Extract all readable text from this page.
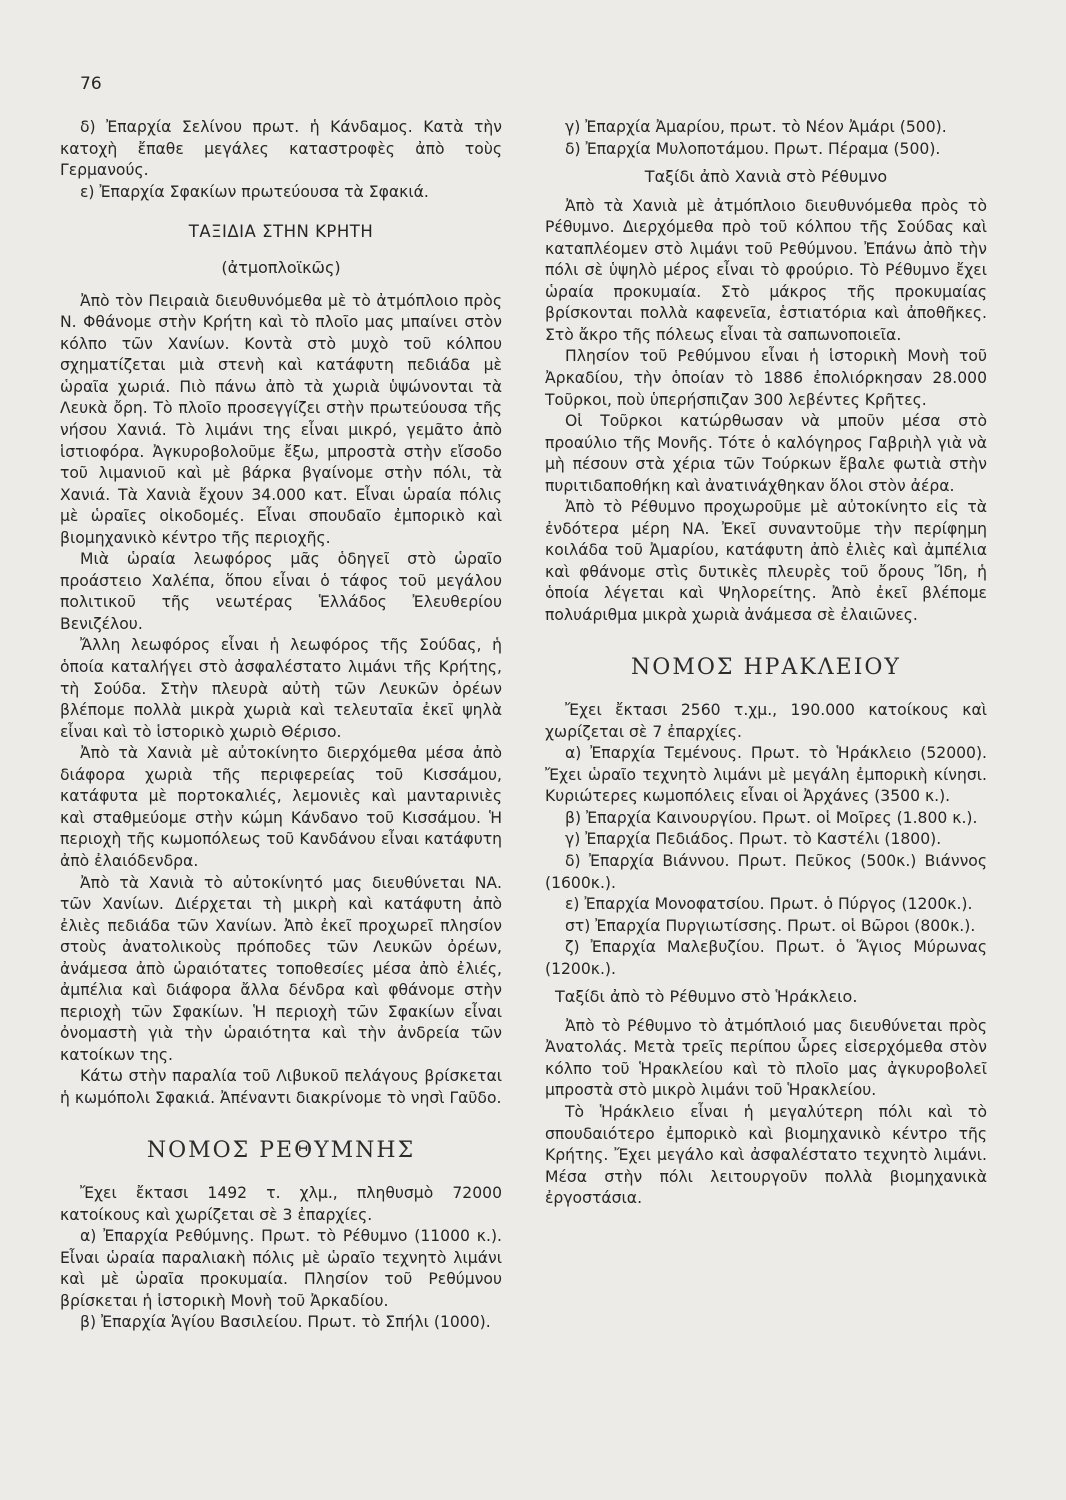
76

δ) Ἐπαρχία Σελίνου πρωτ. ἡ Κάνδαμος. Κατὰ τὴν κατοχὴ ἔπαθε μεγάλες καταστροφὲς ἀπὸ τοὺς Γερμανούς.

ε) Ἐπαρχία Σφακίων πρωτεύουσα τὰ Σφακιά.

ΤΑΞΙΔΙΑ ΣΤΗΝ ΚΡΗΤΗ
(ἀτμοπλοϊκῶς)

Ἀπὸ τὸν Πειραιὰ διευθυνόμεθα μὲ τὸ ἀτμόπλοιο πρὸς Ν. Φθάνομε στὴν Κρήτη καὶ τὸ πλοῖο μας μπαίνει στὸν κόλπο τῶν Χανίων. Κοντὰ στὸ μυχὸ τοῦ κόλπου σχηματίζεται μιὰ στενὴ καὶ κατάφυτη πεδιάδα μὲ ὡραῖα χωριά. Πιὸ πάνω ἀπὸ τὰ χωριὰ ὑψώνονται τὰ Λευκὰ ὄρη. Τὸ πλοῖο προσεγγίζει στὴν πρωτεύουσα τῆς νήσου Χανιά. Τὸ λιμάνι της εἶναι μικρό, γεμᾶτο ἀπὸ ἱστιοφόρα. Ἀγκυροβολοῦμε ἔξω, μπροστὰ στὴν εἴσοδο τοῦ λιμανιοῦ καὶ μὲ βάρκα βγαίνομε στὴν πόλι, τὰ Χανιά. Τὰ Χανιὰ ἔχουν 34.000 κατ. Εἶναι ὡραία πόλις μὲ ὡραῖες οἰκοδομές. Εἶναι σπουδαῖο ἐμπορικὸ καὶ βιομηχανικὸ κέντρο τῆς περιοχῆς.

Μιὰ ὡραία λεωφόρος μᾶς ὁδηγεῖ στὸ ὡραῖο προάστειο Χαλέπα, ὅπου εἶναι ὁ τάφος τοῦ μεγάλου πολιτικοῦ τῆς νεωτέρας Ἑλλάδος Ἐλευθερίου Βενιζέλου.

Ἄλλη λεωφόρος εἶναι ἡ λεωφόρος τῆς Σούδας, ἡ ὁποία καταλήγει στὸ ἀσφαλέστατο λιμάνι τῆς Κρήτης, τὴ Σούδα. Στὴν πλευρὰ αὐτὴ τῶν Λευκῶν ὀρέων βλέπομε πολλὰ μικρὰ χωριὰ καὶ τελευταῖα ἐκεῖ ψηλὰ εἶναι καὶ τὸ ἱστορικὸ χωριὸ Θέρισο.

Ἀπὸ τὰ Χανιὰ μὲ αὐτοκίνητο διερχόμεθα μέσα ἀπὸ διάφορα χωριὰ τῆς περιφερείας τοῦ Κισσάμου, κατάφυτα μὲ πορτοκαλιές, λεμονιὲς καὶ μανταρινιὲς καὶ σταθμεύομε στὴν κώμη Κάνδανο τοῦ Κισσάμου. Ἡ περιοχὴ τῆς κωμοπόλεως τοῦ Κανδάνου εἶναι κατάφυτη ἀπὸ ἐλαιόδενδρα.

Ἀπὸ τὰ Χανιὰ τὸ αὐτοκίνητό μας διευθύνεται ΝΑ. τῶν Χανίων. Διέρχεται τὴ μικρὴ καὶ κατάφυτη ἀπὸ ἐλιὲς πεδιάδα τῶν Χανίων. Ἀπὸ ἐκεῖ προχωρεῖ πλησίον στοὺς ἀνατολικοὺς πρόποδες τῶν Λευκῶν ὀρέων, ἀνάμεσα ἀπὸ ὡραιότατες τοποθεσίες μέσα ἀπὸ ἐλιές, ἀμπέλια καὶ διάφορα ἄλλα δένδρα καὶ φθάνομε στὴν περιοχὴ τῶν Σφακίων. Ἡ περιοχὴ τῶν Σφακίων εἶναι ὀνομαστὴ γιὰ τὴν ὡραιότητα καὶ τὴν ἀνδρεία τῶν κατοίκων της.

Κάτω στὴν παραλία τοῦ Λιβυκοῦ πελάγους βρίσκεται ἡ κωμόπολι Σφακιά. Ἀπέναντι διακρίνομε τὸ νησὶ Γαῦδο.

ΝΟΜΟΣ ΡΕΘΥΜΝΗΣ

Ἔχει ἔκτασι 1492 τ. χλμ., πληθυσμὸ 72000 κατοίκους καὶ χωρίζεται σὲ 3 ἐπαρχίες.

α) Ἐπαρχία Ρεθύμνης. Πρωτ. τὸ Ρέθυμνο (11000 κ.). Εἶναι ὡραία παραλιακὴ πόλις μὲ ὡραῖο τεχνητὸ λιμάνι καὶ μὲ ὡραῖα προκυμαία. Πλησίον τοῦ Ρεθύμνου βρίσκεται ἡ ἱστορικὴ Μονὴ τοῦ Ἀρκαδίου.

β) Ἐπαρχία Ἁγίου Βασιλείου. Πρωτ. τὸ Σπήλι (1000).

γ) Ἐπαρχία Ἀμαρίου, πρωτ. τὸ Νέον Ἀμάρι (500).

δ) Ἐπαρχία Μυλοποτάμου. Πρωτ. Πέραμα (500).

Ταξίδι ἀπὸ Χανιὰ στὸ Ρέθυμνο

Ἀπὸ τὰ Χανιὰ μὲ ἀτμόπλοιο διευθυνόμεθα πρὸς τὸ Ρέθυμνο. Διερχόμεθα πρὸ τοῦ κόλπου τῆς Σούδας καὶ καταπλέομεν στὸ λιμάνι τοῦ Ρεθύμνου. Ἐπάνω ἀπὸ τὴν πόλι σὲ ὑψηλὸ μέρος εἶναι τὸ φρούριο. Τὸ Ρέθυμνο ἔχει ὡραία προκυμαία. Στὸ μάκρος τῆς προκυμαίας βρίσκονται πολλὰ καφενεῖα, ἑστιατόρια καὶ ἀποθῆκες. Στὸ ἄκρο τῆς πόλεως εἶναι τὰ σαπωνοποιεῖα.

Πλησίον τοῦ Ρεθύμνου εἶναι ἡ ἱστορικὴ Μονὴ τοῦ Ἀρκαδίου, τὴν ὁποίαν τὸ 1886 ἐπολιόρκησαν 28.000 Τοῦρκοι, ποὺ ὑπερήσπιζαν 300 λεβέντες Κρῆτες.

Οἱ Τοῦρκοι κατώρθωσαν νὰ μποῦν μέσα στὸ προαύλιο τῆς Μονῆς. Τότε ὁ καλόγηρος Γαβριὴλ γιὰ νὰ μὴ πέσουν στὰ χέρια τῶν Τούρκων ἔβαλε φωτιὰ στὴν πυριτιδαποθήκη καὶ ἀνατινάχθηκαν ὅλοι στὸν ἀέρα.

Ἀπὸ τὸ Ρέθυμνο προχωροῦμε μὲ αὐτοκίνητο εἰς τὰ ἐνδότερα μέρη ΝΑ. Ἐκεῖ συναντοῦμε τὴν περίφημη κοιλάδα τοῦ Ἀμαρίου, κατάφυτη ἀπὸ ἐλιὲς καὶ ἀμπέλια καὶ φθάνομε στὶς δυτικὲς πλευρὲς τοῦ ὄρους Ἴδη, ἡ ὁποία λέγεται καὶ Ψηλορείτης. Ἀπὸ ἐκεῖ βλέπομε πολυάριθμα μικρὰ χωριὰ ἀνάμεσα σὲ ἐλαιῶνες.

ΝΟΜΟΣ ΗΡΑΚΛΕΙΟΥ

Ἔχει ἔκτασι 2560 τ.χμ., 190.000 κατοίκους καὶ χωρίζεται σὲ 7 ἐπαρχίες.

α) Ἐπαρχία Τεμένους. Πρωτ. τὸ Ἡράκλειο (52000). Ἔχει ὡραῖο τεχνητὸ λιμάνι μὲ μεγάλη ἐμπορικὴ κίνησι. Κυριώτερες κωμοπόλεις εἶναι οἱ Ἀρχάνες (3500 κ.).

β) Ἐπαρχία Καινουργίου. Πρωτ. οἱ Μοῖρες (1.800 κ.).

γ) Ἐπαρχία Πεδιάδος. Πρωτ. τὸ Καστέλι (1800).

δ) Ἐπαρχία Βιάννου. Πρωτ. Πεῦκος (500κ.) Βιάννος (1600κ.).

ε) Ἐπαρχία Μονοφατσίου. Πρωτ. ὁ Πύργος (1200κ.).

στ) Ἐπαρχία Πυργιωτίσσης. Πρωτ. οἱ Βῶροι (800κ.).

ζ) Ἐπαρχία Μαλεβυζίου. Πρωτ. ὁ Ἅγιος Μύρωνας (1200κ.).

Ταξίδι ἀπὸ τὸ Ρέθυμνο στὸ Ἡράκλειο.

Ἀπὸ τὸ Ρέθυμνο τὸ ἀτμόπλοιό μας διευθύνεται πρὸς Ἀνατολάς. Μετὰ τρεῖς περίπου ὧρες εἰσερχόμεθα στὸν κόλπο τοῦ Ἡρακλείου καὶ τὸ πλοῖο μας ἀγκυροβολεῖ μπροστὰ στὸ μικρὸ λιμάνι τοῦ Ἡρακλείου.

Τὸ Ἡράκλειο εἶναι ἡ μεγαλύτερη πόλι καὶ τὸ σπουδαιότερο ἐμπορικὸ καὶ βιομηχανικὸ κέντρο τῆς Κρήτης. Ἔχει μεγάλο καὶ ἀσφαλέστατο τεχνητὸ λιμάνι. Μέσα στὴν πόλι λειτουργοῦν πολλὰ βιομηχανικὰ ἐργοστάσια.
